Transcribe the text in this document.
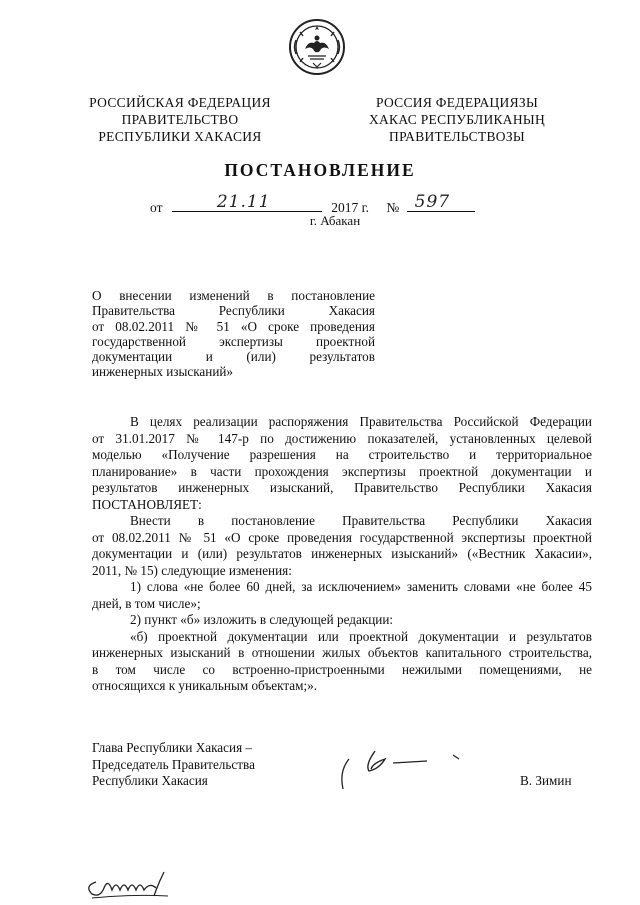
РОССИЙСКАЯ ФЕДЕРАЦИЯ
ПРАВИТЕЛЬСТВО
РЕСПУБЛИКИ ХАКАСИЯ
РОССИЯ ФЕДЕРАЦИЯЗЫ
ХАКАС РЕСПУБЛИКАНЫҢ
ПРАВИТЕЛЬСТВОЗЫ
ПОСТАНОВЛЕНИЕ
от	21.11	2017 г. № 597
г. Абакан
О внесении изменений в постановление
Правительства Республики Хакасия
от 08.02.2011 № 51 «О сроке проведения
государственной экспертизы проектной
документации и (или) результатов
инженерных изысканий»
В целях реализации распоряжения Правительства Российской Федерации
от 31.01.2017 № 147-р по достижению показателей, установленных целевой
моделью «Получение разрешения на строительство и территориальное
планирование» в части прохождения экспертизы проектной документации и
результатов инженерных изысканий, Правительство Республики Хакасия
ПОСТАНОВЛЯЕТ:
Внести в постановление Правительства Республики Хакасия
от 08.02.2011 № 51 «О сроке проведения государственной экспертизы проектной
документации и (или) результатов инженерных изысканий» («Вестник Хакасии»,
2011, № 15) следующие изменения:
1) слова «не более 60 дней, за исключением» заменить словами «не более 45
дней, в том числе»;
2) пункт «б» изложить в следующей редакции:
«б) проектной документации или проектной документации и результатов
инженерных изысканий в отношении жилых объектов капитального строительства,
в том числе со встроенно-пристроенными нежилыми помещениями, не
относящихся к уникальным объектам;».
Глава Республики Хакасия –
Председатель Правительства
Республики Хакасия	В. Зимин
